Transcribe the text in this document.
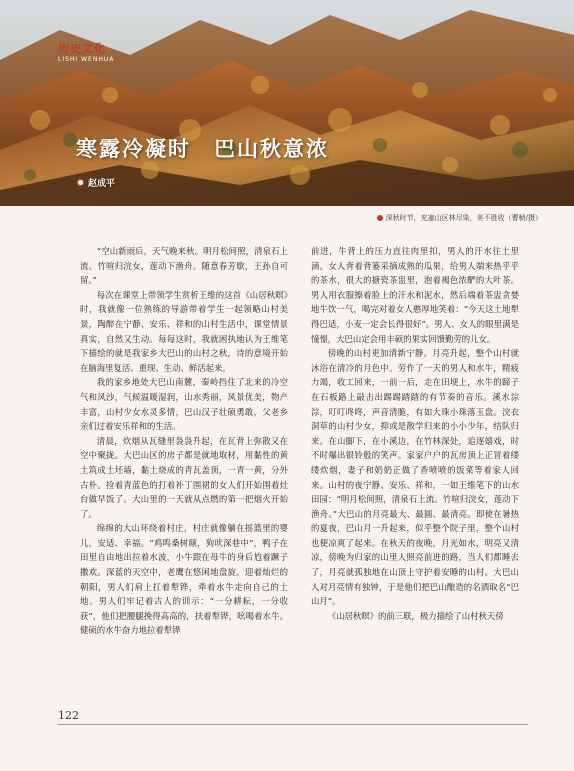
历史文化
LISHI WENHUA
寒露冷凝时　巴山秋意浓
赵成平
深秋时节，充塞山区林尽染，美不胜收（曹桢/摄）

“空山新雨后，天气晚来秋。明月松间照，清泉石上流。竹喧归浣女，莲动下渔舟。随意春芳歇，王孙自可留。”

每次在课堂上带领学生赏析王维的这首《山居秋暝》时，我就像一位熟练的导游带着学生一起领略山村美景，陶醉在宁静、安乐、祥和的山村生活中，课堂情景真实，自然又生动。每每这时，我就困执地认为王维笔下描绘的就是我家乡大巴山的山村之秋，诗的意境开始在脑海里复活、重现、生动、鲜活起来。

我的家乡地处大巴山南麓，秦岭挡住了北来的冷空气和风沙，气候温暖湿润，山水秀丽，风景优美，物产丰富，山村少女水灵多情，巴山汉子壮硕勇敢，父老乡亲们过着安乐祥和的生活。

清晨，炊烟从瓦缝里袅袅升起，在瓦背上弥散又在空中聚拢。大巴山区的房子都是就地取材，用黏性的黄土筑成土坯墙，黏土烧成的青瓦盖顶，一青一黄，分外古朴。捡着青蓝色的打着补丁围裙的女人们开始围着灶台做早饭了。大山里的一天就从点燃的第一把烟火开始了。

绵绵的大山环绕着村庄，村庄就像躺在摇篮里的婴儿，安适、幸福。“鸡鸣桑树颠，狗吠深巷中”，鸭子在田里自由地出拉着水波，小牛跟在母牛的身后尥着蹶子撒欢。深蓝的天空中，老鹰在悠闲地盘旋。迎着灿烂的朝阳，男人们肩上扛着犁铧，牵着水牛走向自己的土地。男人们牢记着古人的训示：“一分耕耘，一分收获”，他们把腰腿挽得高高的，扶着犁铧，吆喝着水牛。健硕的水牛奋力地拉着犁铧

前进，牛背上的压力直往肉里扣，男人的汗水往土里滴。女人背着背篓采摘成熟的瓜果，给男人端来热乎乎的茶水，很大的搪瓷茶盅里，泡着褐色浓酽的大叶茶。男人用衣服擦着脸上的汗水和泥水，然后端着茶盅贪婪地牛饮一气，喝完对着女人憨厚地笑着：“今天这土地犁得巴适，小麦一定会长得很好”。男人、女人的眼里满是憧憬，大巴山定会用丰硕的果实回馈勤劳的儿女。

傍晚的山村更加清新宁静。月亮升起，整个山村就沐浴在清冷的月色中。劳作了一天的男人和水牛，精疲力竭，收工回来，一前一后，走在田埂上，水牛的蹄子在石板路上敲击出踢踢踏踏的有节奏的音乐。溪水淙淙，叮叮咚咚，声音清脆，有如大珠小珠落玉盘。浣衣洞草的山村少女，抑或是散学归来的小小少年，结队归来。在山脚下，在小溪边，在竹林深处，追逐嬉戏，时不时爆出银铃般的笑声。家家户户的瓦房顶上正冒着缕缕炊烟，妻子和奶奶正做了香喷喷的饭菜等着家人回来。山村的夜宁静、安乐、祥和，一如王维笔下的山水田园：“明月松间照，清泉石上流。竹喧归浣女，莲动下渔舟。”大巴山的月亮最大、最圆、最清亮。即使在暑热的夏夜，巴山月一升起来，似乎整个院子里，整个山村也便凉爽了起来。在秋天的夜晚，月光如水，明亮又清凉，傍晚为归家的山里人照亮前进的路，当人们都睡去了，月亮就孤独地在山顶上守护着安睡的山村。大巴山人对月亮情有独钟，于是他们把巴山酿造的名酒取名“巴山月”。

《山居秋暝》的前三联，极力描绘了山村秋天傍

122
